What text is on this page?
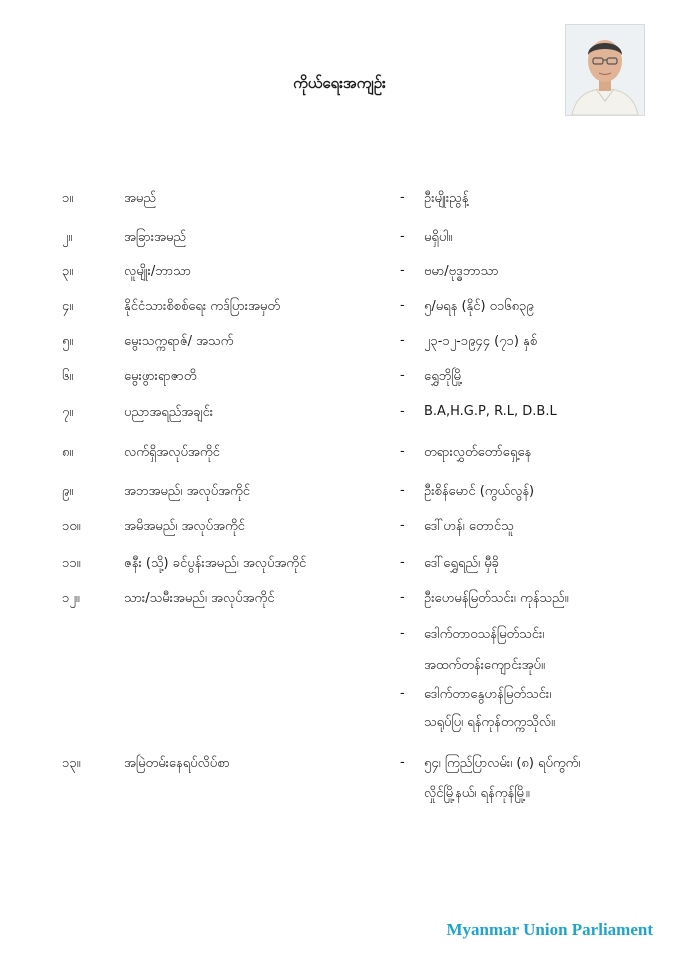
ကိုယ်ရေးအကျဉ်း
၁။	အမည်	- ဦးမျိုးညွန့်
၂။	အခြားအမည်	- မရှိပါ။
၃။	လူမျိုး/ဘာသာ	- ဗမာ/ဗုဒ္ဓဘာသာ
၄။	နိုင်ငံသားစိစစ်ရေး ကဒ်ပြားအမှတ်	- ၅/မရန (နိုင်) ၀၁၆၈၃၉
၅။	မွေးသက္ကရာဇ်/ အသက်	- ၂၃-၁၂-၁၉၄၄ (၇၁) နှစ်
၆။	မွေးဖွားရာဇာတိ	- ရွှေဘိုမြို့
၇။	ပညာအရည်အချင်း	- B.A,H.G.P, R.L, D.B.L
၈။	လက်ရှိအလုပ်အကိုင်	- တရားလွှတ်တော်ရှေ့နေ
၉။	အဘအမည်၊ အလုပ်အကိုင်	- ဦးစိန်မောင် (ကွယ်လွန်)
၁၀။	အမိအမည်၊ အလုပ်အကိုင်	- ဒေါ်ဟန်၊ တောင်သူ
၁၁။	ဇနီး (သို့) ခင်ပွန်းအမည်၊ အလုပ်အကိုင်	- ဒေါ်ရွှေရည်၊ မှီခို
၁၂။	သား/သမီးအမည်၊ အလုပ်အကိုင်	- ဦးဟေမန်မြတ်သင်း၊ ကုန်သည်။
- ဒေါက်တာဝသန်မြတ်သင်း၊
အထက်တန်းကျောင်းအုပ်။
- ဒေါက်တာနွေဟန်မြတ်သင်း၊
သရုပ်ပြ၊ ရန်ကုန်တက္ကသိုလ်။
၁၃။	အမြဲတမ်းနေရပ်လိပ်စာ	- ၅၄၊ ကြည်ပြာလမ်း၊ (၈) ရပ်ကွက်၊
လှိုင်မြို့နယ်၊ ရန်ကုန်မြို့။
Myanmar Union Parliament
